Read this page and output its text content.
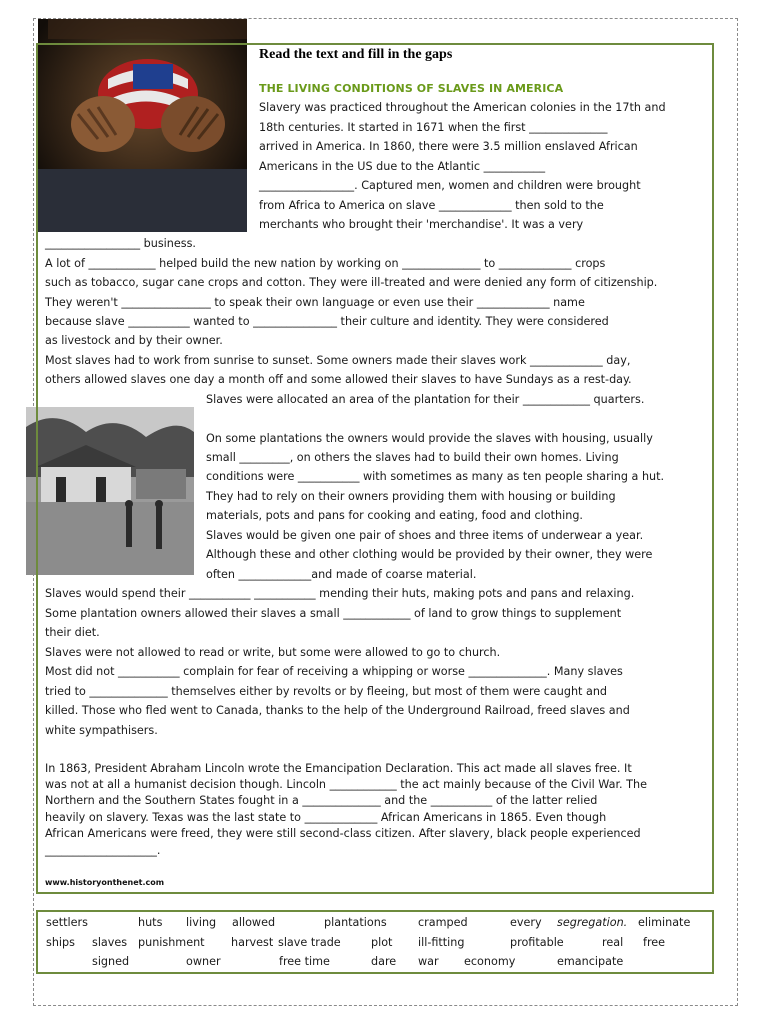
Read the text and fill in the gaps
THE LIVING CONDITIONS OF SLAVES IN AMERICA
Slavery was practiced throughout the American colonies in the 17th and
18th centuries. It started in 1671 when the first ______________
arrived in America. In 1860, there were 3.5 million enslaved African
Americans in the US due to the Atlantic ___________
_________________. Captured men, women and children were brought
from Africa to America on slave _____________ then sold to the
merchants who brought their 'merchandise'. It was a very
_________________ business.
A lot of ____________ helped build the new nation by working on ______________ to _____________ crops
such as tobacco, sugar cane crops and cotton. They were ill-treated and were denied any form of citizenship.
They weren't ________________ to speak their own language or even use their _____________ name
because slave ___________ wanted to _______________ their culture and identity. They were considered
as livestock and by their owner.
Most slaves had to work from sunrise to sunset. Some owners made their slaves work _____________ day,
others allowed slaves one day a month off and some allowed their slaves to have Sundays as a rest-day.
Slaves were allocated an area of the plantation for their ____________ quarters.
On some plantations the owners would provide the slaves with housing, usually
small _________, on others the slaves had to build their own homes. Living
conditions were ___________ with sometimes as many as ten people sharing a hut.
They had to rely on their owners providing them with housing or building
materials, pots and pans for cooking and eating, food and clothing.
Slaves would be given one pair of shoes and three items of underwear a year.
Although these and other clothing would be provided by their owner, they were
often _____________and made of coarse material.
Slaves would spend their ___________ ___________ mending their huts, making pots and pans and relaxing.
Some plantation owners allowed their slaves a small ____________ of land to grow things to supplement
their diet.
Slaves were not allowed to read or write, but some were allowed to go to church.
Most did not ___________ complain for fear of receiving a whipping or worse ______________. Many slaves
tried to ______________ themselves either by revolts or by fleeing, but most of them were caught and
killed. Those who fled went to Canada, thanks to the help of the Underground Railroad, freed slaves and
white sympathisers.
In 1863, President Abraham Lincoln wrote the Emancipation Declaration. This act made all slaves free. It
was not at all a humanist decision though. Lincoln ____________ the act mainly because of the Civil War. The
Northern and the Southern States fought in a ______________ and the ___________ of the latter relied
heavily on slavery. Texas was the last state to _____________ African Americans in 1865. Even though
African Americans were freed, they were still second-class citizen. After slavery, black people experienced
____________________.
www.historyonthenet.com
settlers	huts living allowed	plantations	cramped	every segregation. eliminate
ships slaves punishment harvest slave trade	plot ill-fitting	profitable	real free
signed	owner	free time	dare war economy	emancipate
